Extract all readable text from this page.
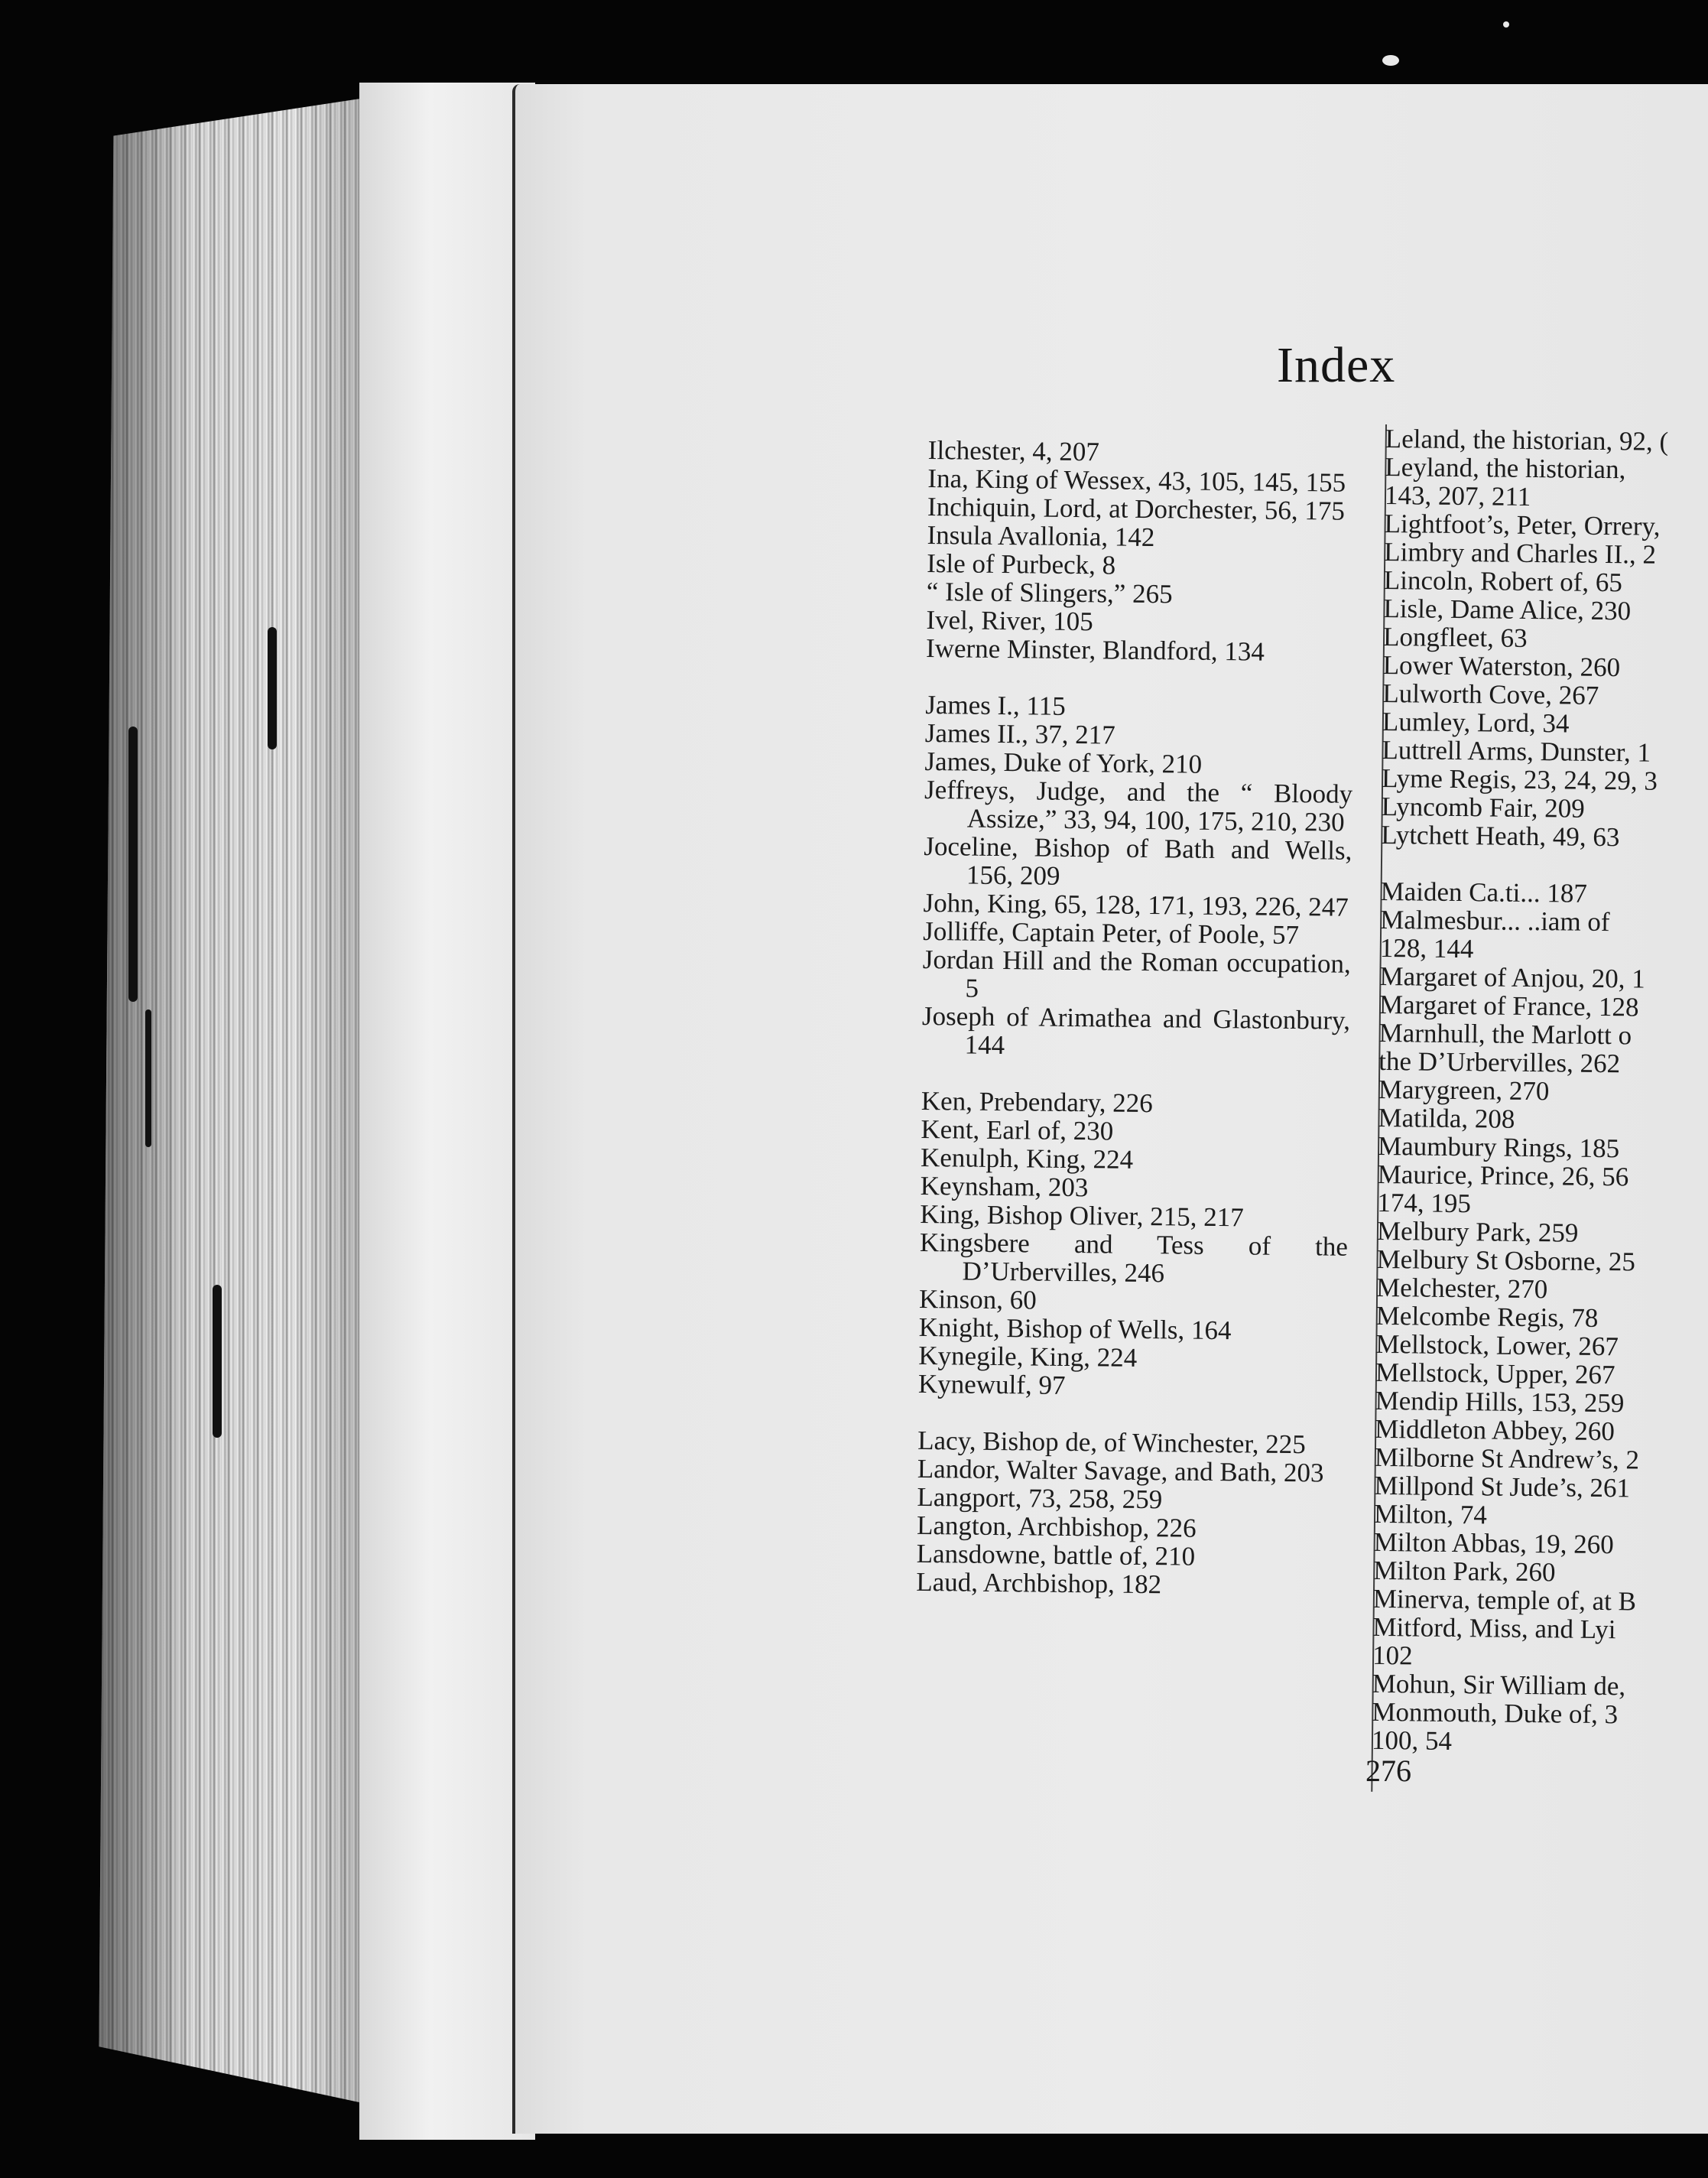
Index
Ilchester, 4, 207
Ina, King of Wessex, 43, 105, 145, 155
Inchiquin, Lord, at Dorchester, 56, 175
Insula Avallonia, 142
Isle of Purbeck, 8
“ Isle of Slingers,” 265
Ivel, River, 105
Iwerne Minster, Blandford, 134
James I., 115
James II., 37, 217
James, Duke of York, 210
Jeffreys, Judge, and the “ Bloody Assize,” 33, 94, 100, 175, 210, 230
Joceline, Bishop of Bath and Wells, 156, 209
John, King, 65, 128, 171, 193, 226, 247
Jolliffe, Captain Peter, of Poole, 57
Jordan Hill and the Roman occupation, 5
Joseph of Arimathea and Glastonbury, 144
Ken, Prebendary, 226
Kent, Earl of, 230
Kenulph, King, 224
Keynsham, 203
King, Bishop Oliver, 215, 217
Kingsbere and Tess of the D’Urbervilles, 246
Kinson, 60
Knight, Bishop of Wells, 164
Kynegile, King, 224
Kynewulf, 97
Lacy, Bishop de, of Winchester, 225
Landor, Walter Savage, and Bath, 203
Langport, 73, 258, 259
Langton, Archbishop, 226
Lansdowne, battle of, 210
Laud, Archbishop, 182
Leland, the historian, 92, (
Leyland, the historian,
143, 207, 211
Lightfoot’s, Peter, Orrery,
Limbry and Charles II., 2
Lincoln, Robert of, 65
Lisle, Dame Alice, 230
Longfleet, 63
Lower Waterston, 260
Lulworth Cove, 267
Lumley, Lord, 34
Luttrell Arms, Dunster, 1
Lyme Regis, 23, 24, 29, 3
Lyncomb Fair, 209
Lytchett Heath, 49, 63
Maiden Ca.ti... 187
Malmesbur... ..iam of
128, 144
Margaret of Anjou, 20, 1
Margaret of France, 128
Marnhull, the Marlott o
the D’Urbervilles, 262
Marygreen, 270
Matilda, 208
Maumbury Rings, 185
Maurice, Prince, 26, 56
174, 195
Melbury Park, 259
Melbury St Osborne, 25
Melchester, 270
Melcombe Regis, 78
Mellstock, Lower, 267
Mellstock, Upper, 267
Mendip Hills, 153, 259
Middleton Abbey, 260
Milborne St Andrew’s, 2
Millpond St Jude’s, 261
Milton, 74
Milton Abbas, 19, 260
Milton Park, 260
Minerva, temple of, at B
Mitford, Miss, and Lyi
102
Mohun, Sir William de,
Monmouth, Duke of, 3
100, 54
276
